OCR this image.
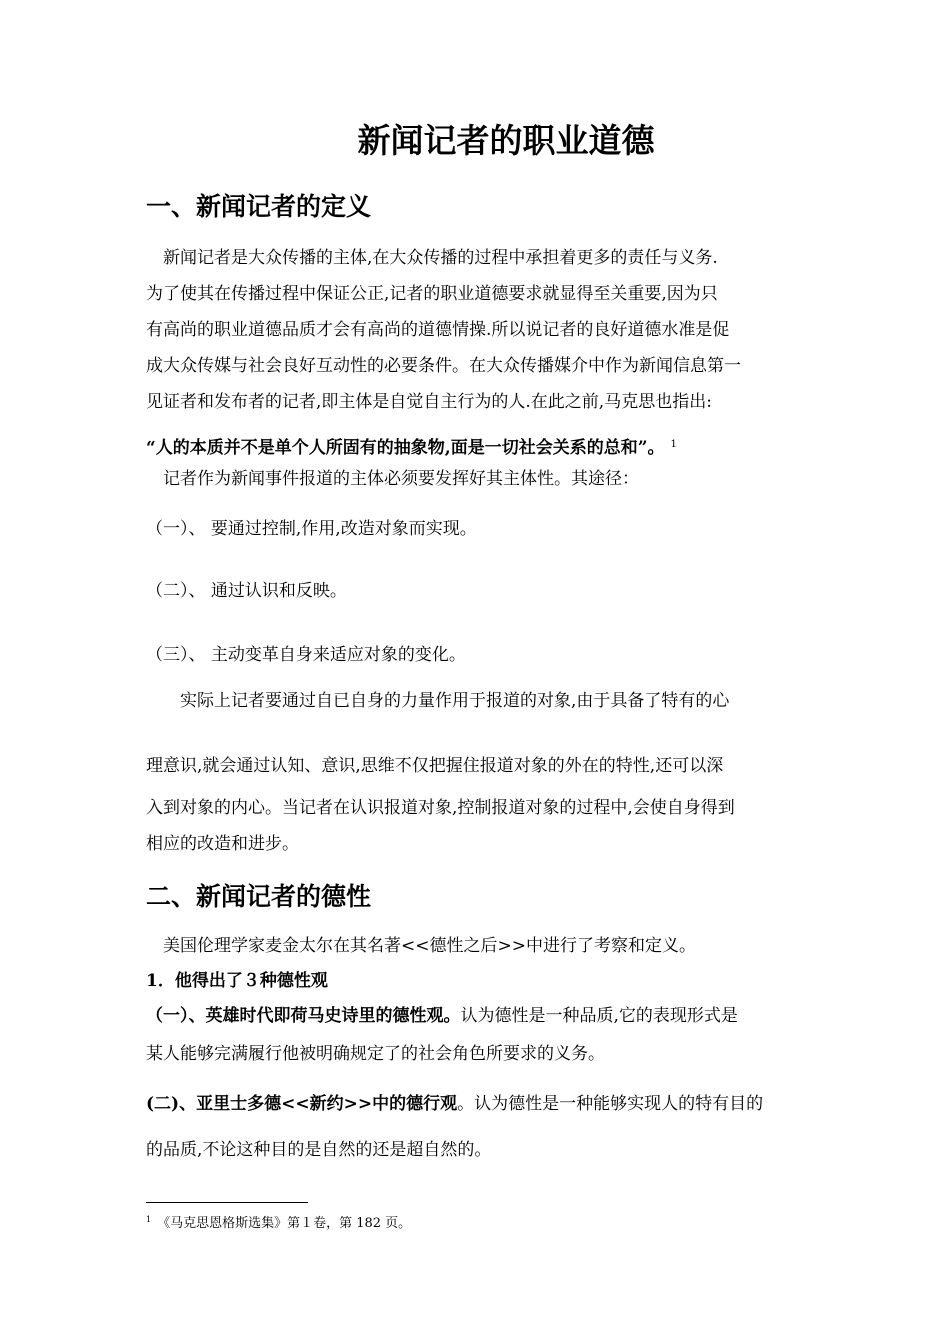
新闻记者的职业道德
一、新闻记者的定义
　新闻记者是大众传播的主体,在大众传播的过程中承担着更多的责任与义务.
为了使其在传播过程中保证公正,记者的职业道德要求就显得至关重要,因为只
有高尚的职业道德品质才会有高尚的道德情操.所以说记者的良好道德水准是促
成大众传媒与社会良好互动性的必要条件。在大众传播媒介中作为新闻信息第一
见证者和发布者的记者,即主体是自觉自主行为的人.在此之前,马克思也指出:
“人的本质并不是单个人所固有的抽象物,面是一切社会关系的总和”。 $^1$
　记者作为新闻事件报道的主体必须要发挥好其主体性。其途径：
（一）、 要通过控制,作用,改造对象而实现。
（二）、 通过认识和反映。
（三）、 主动变革自身来适应对象的变化。
　　实际上记者要通过自已自身的力量作用于报道的对象,由于具备了特有的心
理意识,就会通过认知、意识,思维不仅把握住报道对象的外在的特性,还可以深
入到对象的内心。当记者在认识报道对象,控制报道对象的过程中,会使自身得到
相应的改造和进步。
二、新闻记者的德性
　美国伦理学家麦金太尔在其名著<<德性之后>>中进行了考察和定义。
1．他得出了３种德性观
（一）、英雄时代即荷马史诗里的德性观。认为德性是一种品质,它的表现形式是
某人能够完满履行他被明确规定了的社会角色所要求的义务。
(二)、亚里士多德<<新约>>中的德行观。认为德性是一种能够实现人的特有目的
的品质,不论这种目的是自然的还是超自然的。
$^1$ 《马克思恩格斯选集》第１卷，第 182 页。
